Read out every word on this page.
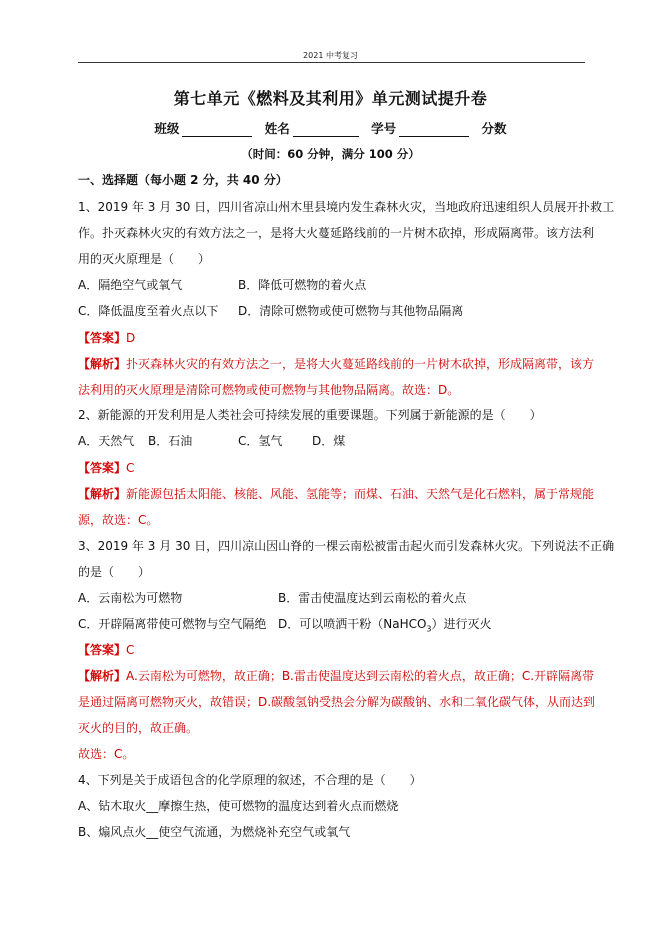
2021 中考复习
第七单元《燃料及其利用》单元测试提升卷
班级	姓名	学号	分数
（时间：60 分钟，满分 100 分）
一、选择题（每小题 2 分，共 40 分）
1、2019 年 3 月 30 日，四川省凉山州木里县境内发生森林火灾，当地政府迅速组织人员展开扑救工
作。扑灭森林火灾的有效方法之一，是将大火蔓延路线前的一片树木砍掉，形成隔离带。该方法利
用的灭火原理是（　　）
A．隔绝空气或氧气	B．降低可燃物的着火点
C．降低温度至着火点以下 D．清除可燃物或使可燃物与其他物品隔离
【答案】D
【解析】扑灭森林火灾的有效方法之一，是将大火蔓延路线前的一片树木砍掉，形成隔离带，该方
法利用的灭火原理是清除可燃物或使可燃物与其他物品隔离。故选：D。
2、新能源的开发利用是人类社会可持续发展的重要课题。下列属于新能源的是（　　）
A．天然气 B．石油	C．氢气 D．煤
【答案】C
【解析】新能源包括太阳能、核能、风能、氢能等；而煤、石油、天然气是化石燃料，属于常规能
源，故选：C。
3、2019 年 3 月 30 日，四川凉山因山脊的一棵云南松被雷击起火而引发森林火灾。下列说法不正确
的是（　　）
A．云南松为可燃物	B．雷击使温度达到云南松的着火点
C．开辟隔离带使可燃物与空气隔绝 D．可以喷洒干粉（NaHCO$_3$）进行灭火
【答案】C
【解析】A.云南松为可燃物，故正确；B.雷击使温度达到云南松的着火点，故正确；C.开辟隔离带
是通过隔离可燃物灭火，故错误；D.碳酸氢钠受热会分解为碳酸钠、水和二氧化碳气体，从而达到
灭火的目的，故正确。
故选：C。
4、下列是关于成语包含的化学原理的叙述，不合理的是（　　）
A、钻木取火__摩擦生热，使可燃物的温度达到着火点而燃烧
B、煽风点火__使空气流通，为燃烧补充空气或氧气
